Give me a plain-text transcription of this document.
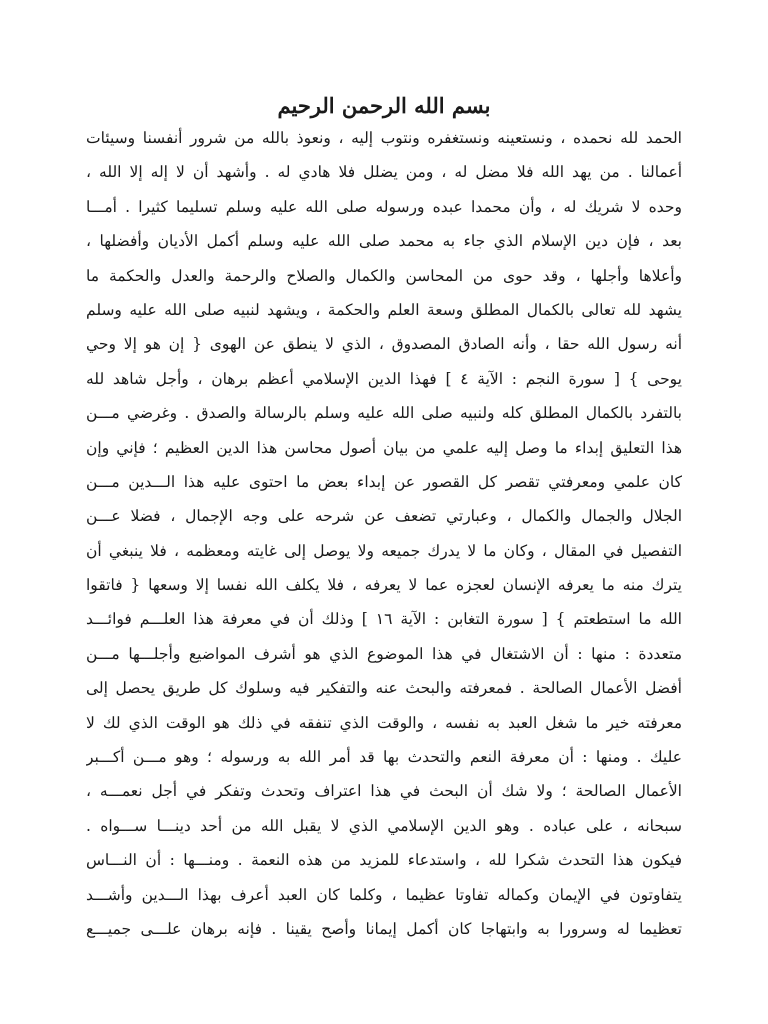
بسم الله الرحمن الرحيم
الحمد لله نحمده ، ونستعينه ونستغفره ونتوب إليه ، ونعوذ بالله من شرور أنفسنا وسيئات
أعمالنا . من يهد الله فلا مضل له ، ومن يضلل فلا هادي له . وأشهد أن لا إله إلا الله ،
وحده لا شريك له ، وأن محمدا عبده ورسوله صلى الله عليه وسلم تسليما كثيرا . أمـــا
بعد ، فإن دين الإسلام الذي جاء به محمد صلى الله عليه وسلم أكمل الأديان وأفضلها ،
وأعلاها وأجلها ، وقد حوى من المحاسن والكمال والصلاح والرحمة والعدل والحكمة ما
يشهد لله تعالى بالكمال المطلق وسعة العلم والحكمة ، ويشهد لنبيه صلى الله عليه وسلم
أنه رسول الله حقا ، وأنه الصادق المصدوق ، الذي لا ينطق عن الهوى { إن هو إلا وحي
يوحى } [ سورة النجم : الآية ٤ ] فهذا الدين الإسلامي أعظم برهان ، وأجل شاهد لله
بالتفرد بالكمال المطلق كله ولنبيه صلى الله عليه وسلم بالرسالة والصدق . وغرضي مـــن
هذا التعليق إبداء ما وصل إليه علمي من بيان أصول محاسن هذا الدين العظيم ؛ فإني وإن
كان علمي ومعرفتي تقصر كل القصور عن إبداء بعض ما احتوى عليه هذا الـــدين مـــن
الجلال والجمال والكمال ، وعبارتي تضعف عن شرحه على وجه الإجمال ، فضلا عـــن
التفصيل في المقال ، وكان ما لا يدرك جميعه ولا يوصل إلى غايته ومعظمه ، فلا ينبغي أن
يترك منه ما يعرفه الإنسان لعجزه عما لا يعرفه ، فلا يكلف الله نفسا إلا وسعها { فاتقوا
الله ما استطعتم } [ سورة التغابن : الآية ١٦ ] وذلك أن في معرفة هذا العلـــم فوائـــد
متعددة : منها : أن الاشتغال في هذا الموضوع الذي هو أشرف المواضيع وأجلـــها مـــن
أفضل الأعمال الصالحة . فمعرفته والبحث عنه والتفكير فيه وسلوك كل طريق يحصل إلى
معرفته خير ما شغل العبد به نفسه ، والوقت الذي تنفقه في ذلك هو الوقت الذي لك لا
عليك . ومنها : أن معرفة النعم والتحدث بها قد أمر الله به ورسوله ؛ وهو مـــن أكـــبر
الأعمال الصالحة ؛ ولا شك أن البحث في هذا اعتراف وتحدث وتفكر في أجل نعمـــه ،
سبحانه ، على عباده . وهو الدين الإسلامي الذي لا يقبل الله من أحد دينـــا ســـواه .
فيكون هذا التحدث شكرا لله ، واستدعاء للمزيد من هذه النعمة . ومنـــها : أن النـــاس
يتفاوتون في الإيمان وكماله تفاوتا عظيما ، وكلما كان العبد أعرف بهذا الـــدين وأشـــد
تعظيما له وسرورا به وابتهاجا كان أكمل إيمانا وأصح يقينا . فإنه برهان علـــى جميـــع
